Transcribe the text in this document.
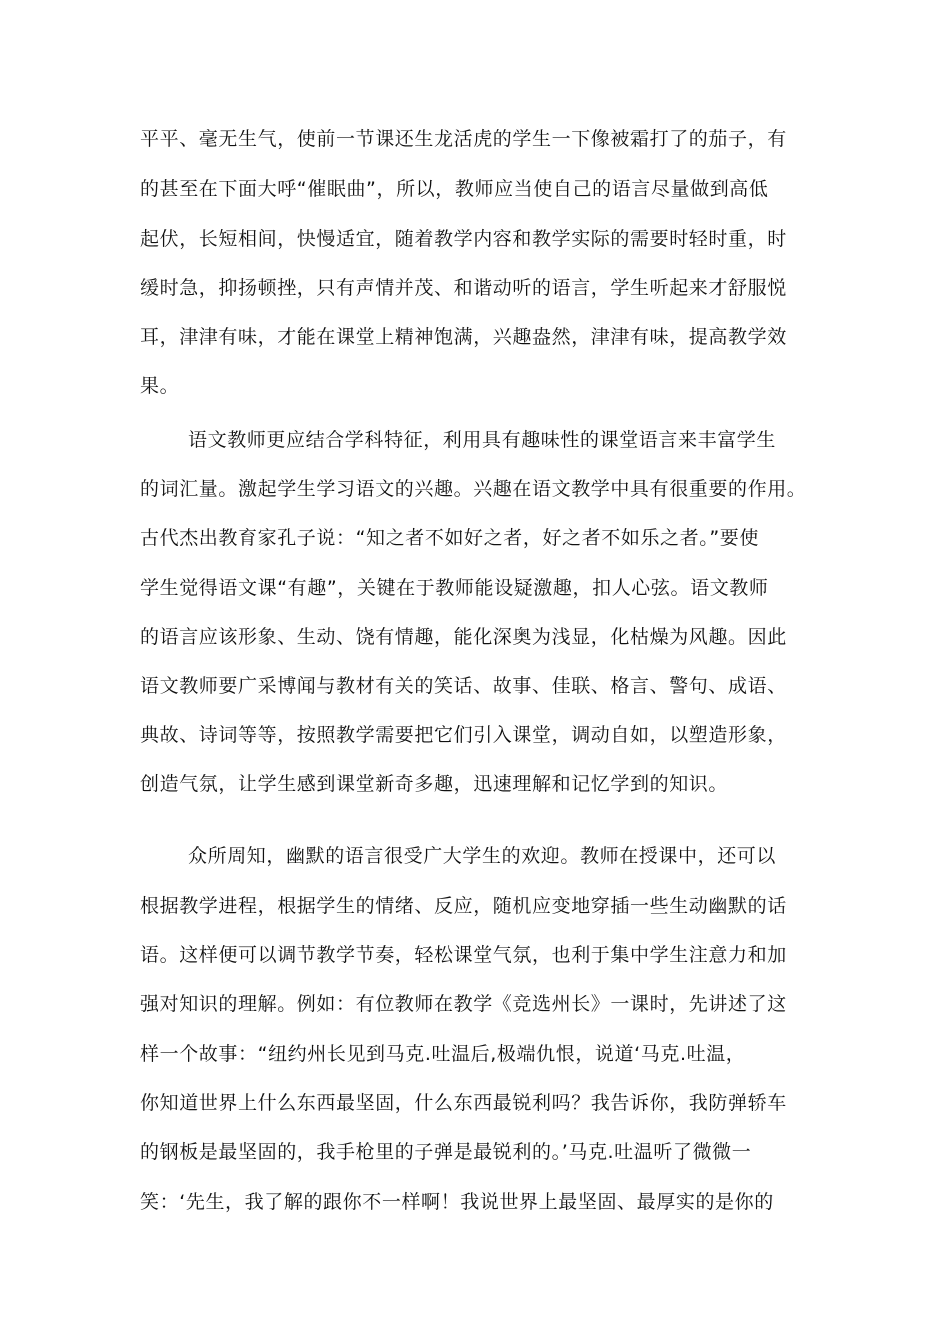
平平、毫无生气，使前一节课还生龙活虎的学生一下像被霜打了的茄子，有
的甚至在下面大呼“催眠曲”，所以，教师应当使自己的语言尽量做到高低
起伏，长短相间，快慢适宜，随着教学内容和教学实际的需要时轻时重，时
缓时急，抑扬顿挫，只有声情并茂、和谐动听的语言，学生听起来才舒服悦
耳，津津有味，才能在课堂上精神饱满，兴趣盎然，津津有味，提高教学效
果。
语文教师更应结合学科特征，利用具有趣味性的课堂语言来丰富学生
的词汇量。激起学生学习语文的兴趣。兴趣在语文教学中具有很重要的作用。
古代杰出教育家孔子说：“知之者不如好之者，好之者不如乐之者。”要使
学生觉得语文课“有趣”，关键在于教师能设疑激趣，扣人心弦。语文教师
的语言应该形象、生动、饶有情趣，能化深奥为浅显，化枯燥为风趣。因此
语文教师要广采博闻与教材有关的笑话、故事、佳联、格言、警句、成语、
典故、诗词等等，按照教学需要把它们引入课堂，调动自如，以塑造形象，
创造气氛，让学生感到课堂新奇多趣，迅速理解和记忆学到的知识。
众所周知，幽默的语言很受广大学生的欢迎。教师在授课中，还可以
根据教学进程，根据学生的情绪、反应，随机应变地穿插一些生动幽默的话
语。这样便可以调节教学节奏，轻松课堂气氛，也利于集中学生注意力和加
强对知识的理解。例如：有位教师在教学《竞选州长》一课时，先讲述了这
样一个故事：“纽约州长见到马克.吐温后,极端仇恨，说道‘马克.吐温，
你知道世界上什么东西最坚固，什么东西最锐利吗？我告诉你，我防弹轿车
的钢板是最坚固的，我手枪里的子弹是最锐利的。’马克.吐温听了微微一
笑：‘先生，我了解的跟你不一样啊！我说世界上最坚固、最厚实的是你的
